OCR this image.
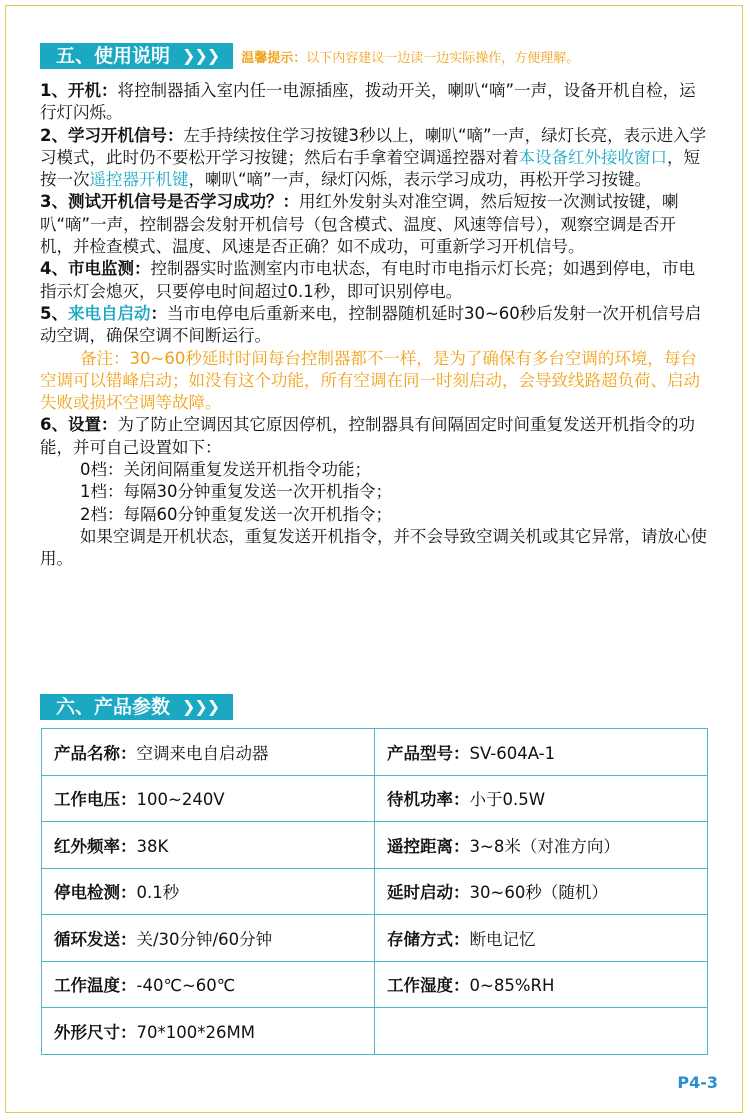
五、使用说明 ❯❯❯ 温馨提示：以下内容建议一边读一边实际操作，方便理解。

1、开机：将控制器插入室内任一电源插座，拨动开关，喇叭“嘀”一声，设备开机自检，运行灯闪烁。

2、学习开机信号：左手持续按住学习按键3秒以上，喇叭“嘀”一声，绿灯长亮，表示进入学习模式，此时仍不要松开学习按键；然后右手拿着空调遥控器对着本设备红外接收窗口，短按一次遥控器开机键，喇叭“嘀”一声，绿灯闪烁，表示学习成功，再松开学习按键。

3、测试开机信号是否学习成功？：用红外发射头对准空调，然后短按一次测试按键，喇叭“嘀”一声，控制器会发射开机信号（包含模式、温度、风速等信号），观察空调是否开机，并检查模式、温度、风速是否正确？如不成功，可重新学习开机信号。

4、市电监测：控制器实时监测室内市电状态，有电时市电指示灯长亮；如遇到停电，市电指示灯会熄灭，只要停电时间超过0.1秒，即可识别停电。

5、来电自启动：当市电停电后重新来电，控制器随机延时30~60秒后发射一次开机信号启动空调，确保空调不间断运行。

备注：30~60秒延时时间每台控制器都不一样，是为了确保有多台空调的环境，每台空调可以错峰启动；如没有这个功能，所有空调在同一时刻启动，会导致线路超负荷、启动失败或损坏空调等故障。

6、设置：为了防止空调因其它原因停机，控制器具有间隔固定时间重复发送开机指令的功能，并可自己设置如下：

0档：关闭间隔重复发送开机指令功能；

1档：每隔30分钟重复发送一次开机指令；

2档：每隔60分钟重复发送一次开机指令；

如果空调是开机状态，重复发送开机指令，并不会导致空调关机或其它异常，请放心使用。

六、产品参数 ❯❯❯
产品名称：空调来电自启动器	产品型号：SV-604A-1
工作电压：100~240V	待机功率：小于0.5W
红外频率：38K	遥控距离：3~8米（对准方向）
停电检测：0.1秒	延时启动：30~60秒（随机）
循环发送：关/30分钟/60分钟	存储方式：断电记忆
工作温度：-40℃~60℃	工作湿度：0~85%RH
外形尺寸：70*100*26MM	
P4-3
